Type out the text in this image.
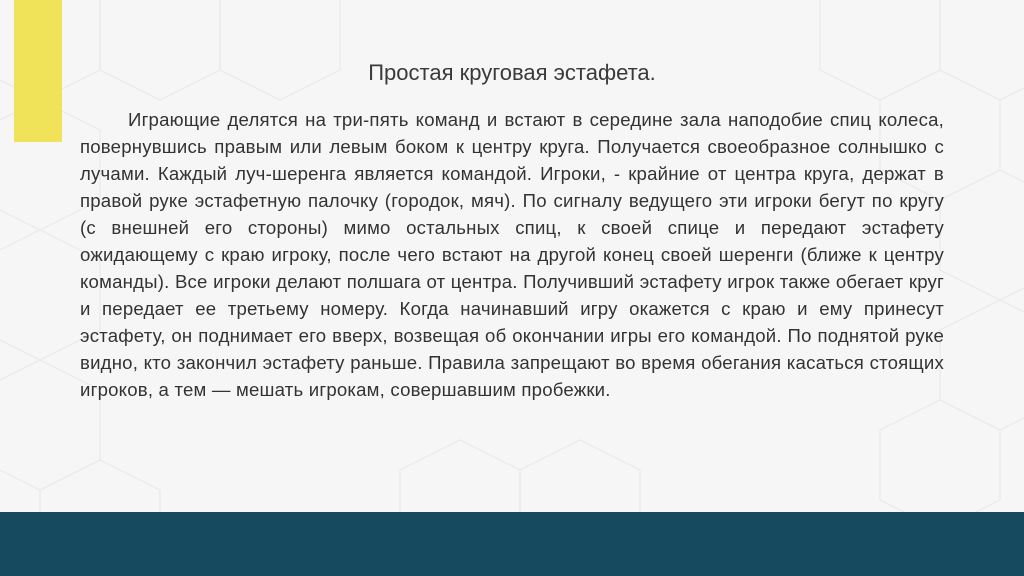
Простая круговая эстафета.

Играющие делятся на три-пять команд и встают в середине зала наподобие спиц колеса, повернувшись правым или левым боком к центру круга. Получается своеобразное солнышко с лучами. Каждый луч-шеренга является командой. Игроки, - крайние от центра круга, держат в правой руке эстафетную палочку (городок, мяч). По сигналу ведущего эти игроки бегут по кругу (с внешней его стороны) мимо остальных спиц, к своей спице и передают эстафету ожидающему с краю игроку, после чего встают на другой конец своей шеренги (ближе к центру команды). Все игроки делают полшага от центра. Получивший эстафету игрок также обегает круг и передает ее третьему номеру. Когда начинавший игру окажется с краю и ему принесут эстафету, он поднимает его вверх, возвещая об окончании игры его командой. По поднятой руке видно, кто закончил эстафету раньше. Правила запрещают во время обегания касаться стоящих игроков, а тем — мешать игрокам, совершавшим пробежки.
